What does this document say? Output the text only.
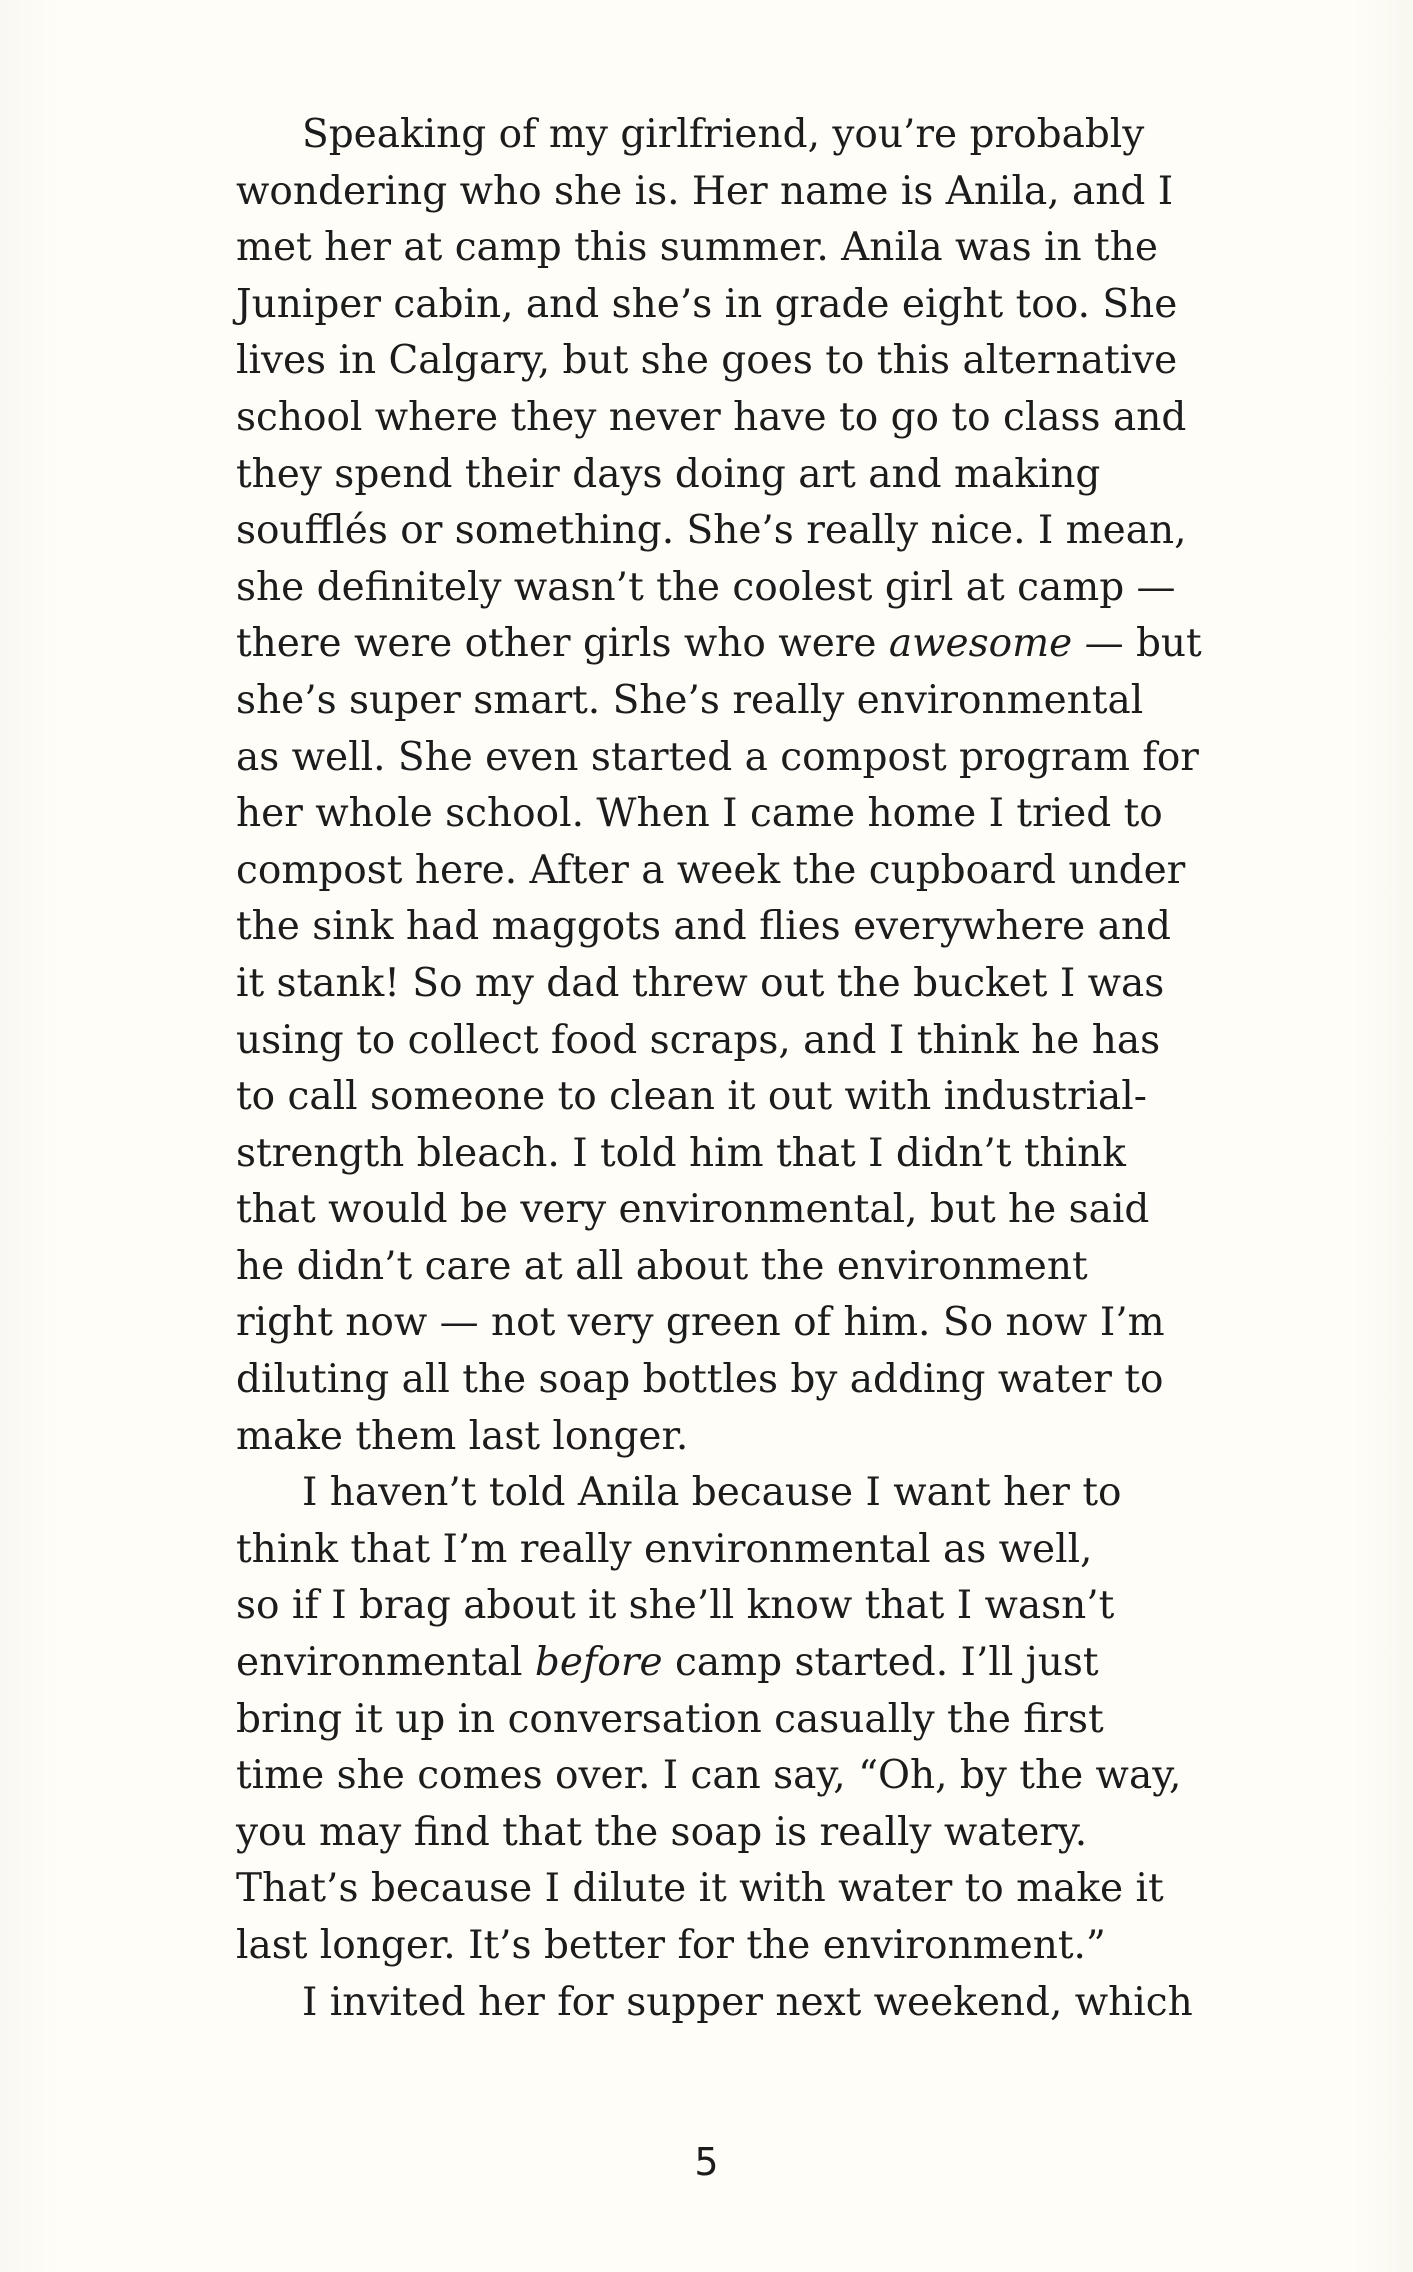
Speaking of my girlfriend, you’re probably
wondering who she is. Her name is Anila, and I
met her at camp this summer. Anila was in the
Juniper cabin, and she’s in grade eight too. She
lives in Calgary, but she goes to this alternative
school where they never have to go to class and
they spend their days doing art and making
soufflés or something. She’s really nice. I mean,
she definitely wasn’t the coolest girl at camp —
there were other girls who were awesome — but
she’s super smart. She’s really environmental
as well. She even started a compost program for
her whole school. When I came home I tried to
compost here. After a week the cupboard under
the sink had maggots and flies everywhere and
it stank! So my dad threw out the bucket I was
using to collect food scraps, and I think he has
to call someone to clean it out with industrial-
strength bleach. I told him that I didn’t think
that would be very environmental, but he said
he didn’t care at all about the environment
right now — not very green of him. So now I’m
diluting all the soap bottles by adding water to
make them last longer.
I haven’t told Anila because I want her to
think that I’m really environmental as well,
so if I brag about it she’ll know that I wasn’t
environmental before camp started. I’ll just
bring it up in conversation casually the first
time she comes over. I can say, “Oh, by the way,
you may find that the soap is really watery.
That’s because I dilute it with water to make it
last longer. It’s better for the environment.”
I invited her for supper next weekend, which
5
